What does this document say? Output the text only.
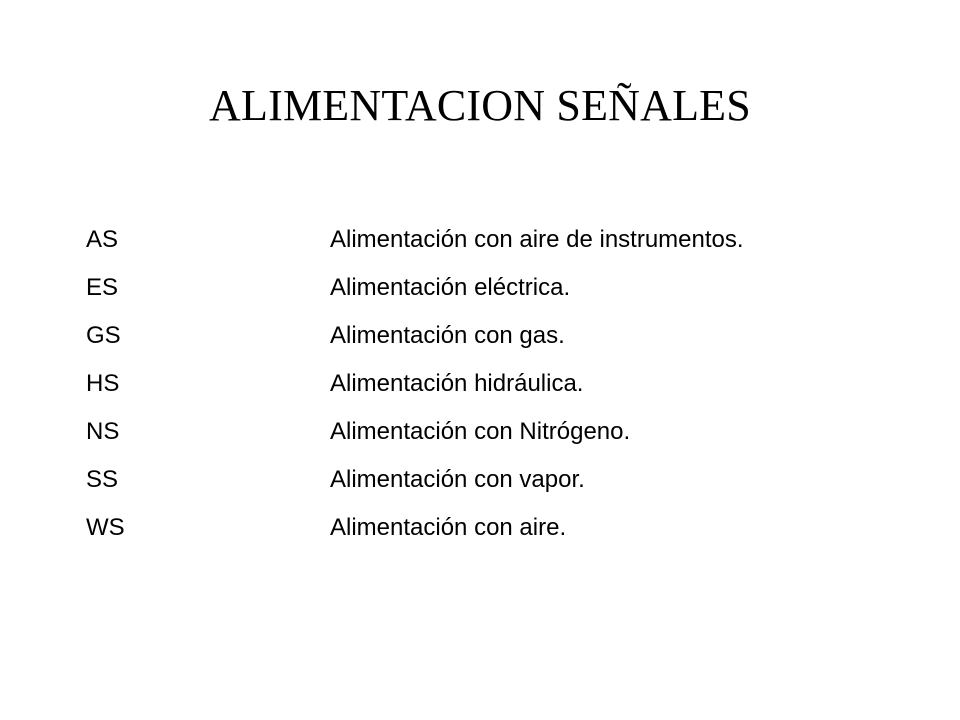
ALIMENTACION SEÑALES
AS	Alimentación con aire de instrumentos.
ES	Alimentación eléctrica.
GS	Alimentación con gas.
HS	Alimentación hidráulica.
NS	Alimentación con Nitrógeno.
SS	Alimentación con vapor.
WS	Alimentación con aire.
